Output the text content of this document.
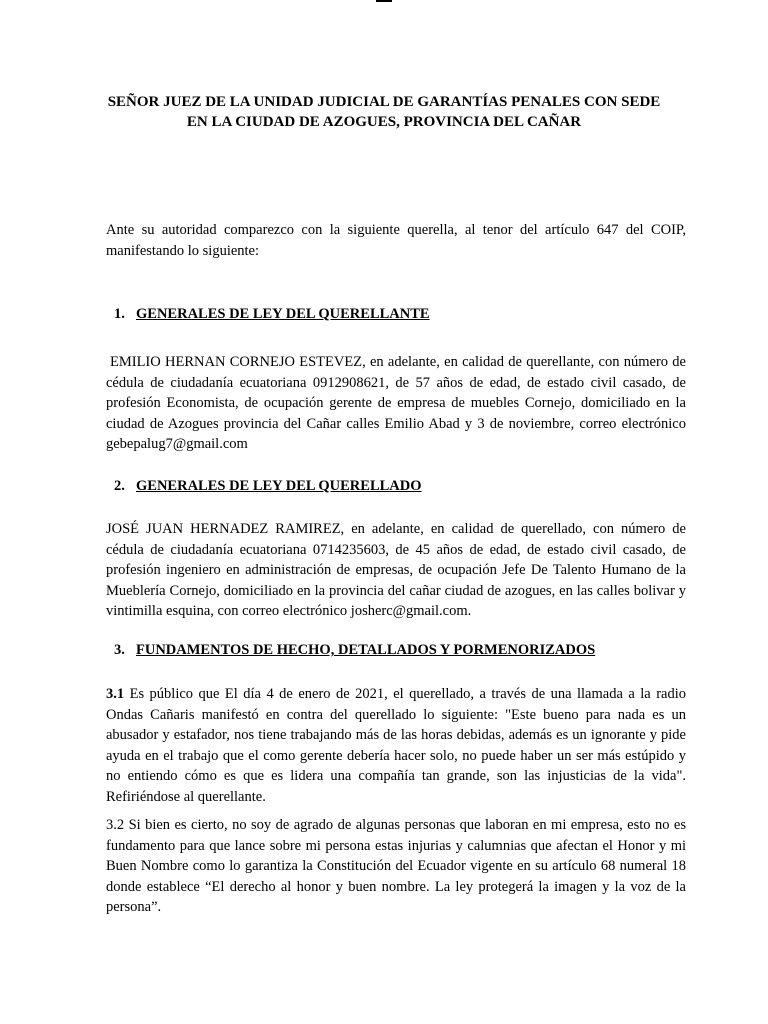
SEÑOR JUEZ DE LA UNIDAD JUDICIAL DE GARANTÍAS PENALES CON SEDE
EN LA CIUDAD DE AZOGUES, PROVINCIA DEL CAÑAR

Ante su autoridad comparezco con la siguiente querella, al tenor del artículo 647 del COIP, manifestando lo siguiente:

1. GENERALES DE LEY DEL QUERELLANTE

EMILIO HERNAN CORNEJO ESTEVEZ, en adelante, en calidad de querellante, con número de cédula de ciudadanía ecuatoriana 0912908621, de 57 años de edad, de estado civil casado, de profesión Economista, de ocupación gerente de empresa de muebles Cornejo, domiciliado en la ciudad de Azogues provincia del Cañar calles Emilio Abad y 3 de noviembre, correo electrónico gebepalug7@gmail.com

2. GENERALES DE LEY DEL QUERELLADO

JOSÉ JUAN HERNADEZ RAMIREZ, en adelante, en calidad de querellado, con número de cédula de ciudadanía ecuatoriana 0714235603, de 45 años de edad, de estado civil casado, de profesión ingeniero en administración de empresas, de ocupación Jefe De Talento Humano de la Mueblería Cornejo, domiciliado en la provincia del cañar ciudad de azogues, en las calles bolivar y vintimilla esquina, con correo electrónico josherc@gmail.com.

3. FUNDAMENTOS DE HECHO, DETALLADOS Y PORMENORIZADOS

3.1 Es público que El día 4 de enero de 2021, el querellado, a través de una llamada a la radio Ondas Cañaris manifestó en contra del querellado lo siguiente: "Este bueno para nada es un abusador y estafador, nos tiene trabajando más de las horas debidas, además es un ignorante y pide ayuda en el trabajo que el como gerente debería hacer solo, no puede haber un ser más estúpido y no entiendo cómo es que es lidera una compañía tan grande, son las injusticias de la vida". Refiriéndose al querellante.

3.2 Si bien es cierto, no soy de agrado de algunas personas que laboran en mi empresa, esto no es fundamento para que lance sobre mi persona estas injurias y calumnias que afectan el Honor y mi Buen Nombre como lo garantiza la Constitución del Ecuador vigente en su artículo 68 numeral 18 donde establece “El derecho al honor y buen nombre. La ley protegerá la imagen y la voz de la persona”.
